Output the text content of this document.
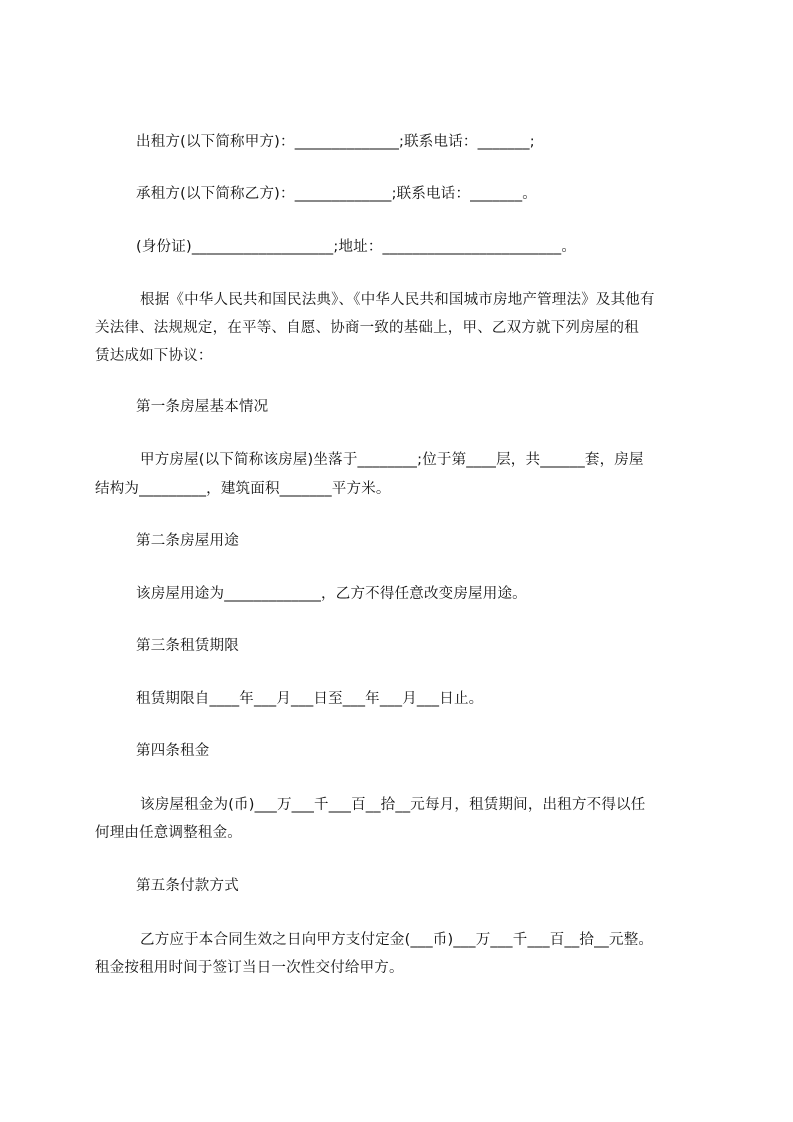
出租方(以下简称甲方)：______________;联系电话：_______;
承租方(以下简称乙方)：_____________;联系电话：_______。
(身份证)___________________;地址：________________________。
根据《中华人民共和国民法典》、《中华人民共和国城市房地产管理法》及其他有
关法律、法规规定，在平等、自愿、协商一致的基础上，甲、乙双方就下列房屋的租
赁达成如下协议：
第一条房屋基本情况
甲方房屋(以下简称该房屋)坐落于________;位于第____层，共______套，房屋
结构为_________，建筑面积_______平方米。
第二条房屋用途
该房屋用途为_____________，乙方不得任意改变房屋用途。
第三条租赁期限
租赁期限自____年___月___日至___年___月___日止。
第四条租金
该房屋租金为(币)___万___千___百__拾__元每月，租赁期间，出租方不得以任
何理由任意调整租金。
第五条付款方式
乙方应于本合同生效之日向甲方支付定金(___币)___万___千___百__拾__元整。
租金按租用时间于签订当日一次性交付给甲方。
